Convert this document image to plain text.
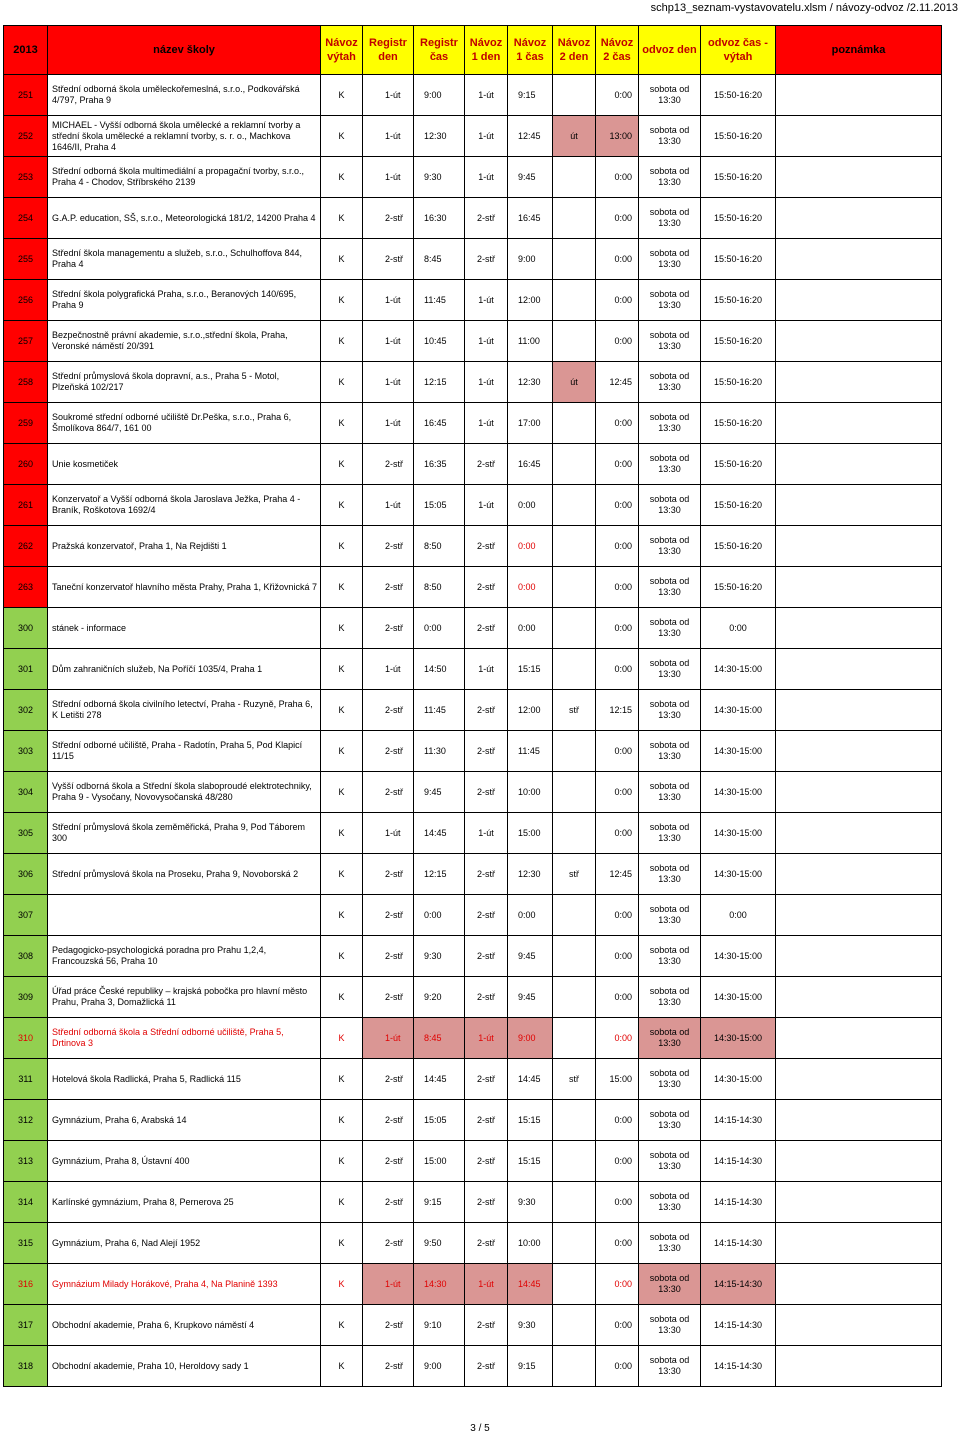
schp13_seznam-vystavovatelu.xlsm / návozy-odvoz /2.11.2013
2013	název školy	Návoz výtah	Registr den	Registr čas	Návoz 1 den	Návoz 1 čas	Návoz 2 den	Návoz 2 čas	odvoz den	odvoz čas - výtah	poznámka
251	Střední odborná škola uměleckořemeslná, s.r.o., Podkovářská 4/797, Praha 9	K	1-út	9:00	1-út	9:15		0:00	sobota od 13:30	15:50-16:20	
252	MICHAEL - Vyšší odborná škola umělecké a reklamní tvorby a střední škola umělecké a reklamní tvorby, s. r. o., Machkova 1646/II, Praha 4	K	1-út	12:30	1-út	12:45	út	13:00	sobota od 13:30	15:50-16:20	
253	Střední odborná škola multimediální a propagační tvorby, s.r.o., Praha 4 - Chodov, Stříbrského 2139	K	1-út	9:30	1-út	9:45		0:00	sobota od 13:30	15:50-16:20	
254	G.A.P. education, SŠ, s.r.o., Meteorologická 181/2, 14200 Praha 4	K	2-stř	16:30	2-stř	16:45		0:00	sobota od 13:30	15:50-16:20	
255	Střední škola managementu a služeb, s.r.o., Schulhoffova 844, Praha 4	K	2-stř	8:45	2-stř	9:00		0:00	sobota od 13:30	15:50-16:20	
256	Střední škola polygrafická Praha, s.r.o., Beranových 140/695, Praha 9	K	1-út	11:45	1-út	12:00		0:00	sobota od 13:30	15:50-16:20	
257	Bezpečnostně právní akademie, s.r.o.,střední škola, Praha, Veronské náměstí 20/391	K	1-út	10:45	1-út	11:00		0:00	sobota od 13:30	15:50-16:20	
258	Střední průmyslová škola dopravní, a.s., Praha 5 - Motol, Plzeňská 102/217	K	1-út	12:15	1-út	12:30	út	12:45	sobota od 13:30	15:50-16:20	
259	Soukromé střední odborné učiliště Dr.Peška, s.r.o., Praha 6, Šmolíkova 864/7, 161 00	K	1-út	16:45	1-út	17:00		0:00	sobota od 13:30	15:50-16:20	
260	Unie kosmetiček	K	2-stř	16:35	2-stř	16:45		0:00	sobota od 13:30	15:50-16:20	
261	Konzervatoř a Vyšší odborná škola Jaroslava Ježka, Praha 4 - Braník, Roškotova 1692/4	K	1-út	15:05	1-út	0:00		0:00	sobota od 13:30	15:50-16:20	
262	Pražská konzervatoř, Praha 1, Na Rejdišti 1	K	2-stř	8:50	2-stř	0:00		0:00	sobota od 13:30	15:50-16:20	
263	Taneční konzervatoř hlavního města Prahy, Praha 1, Křižovnická 7	K	2-stř	8:50	2-stř	0:00		0:00	sobota od 13:30	15:50-16:20	
300	stánek - informace	K	2-stř	0:00	2-stř	0:00		0:00	sobota od 13:30	0:00	
301	Dům zahraničních služeb, Na Poříčí 1035/4, Praha 1	K	1-út	14:50	1-út	15:15		0:00	sobota od 13:30	14:30-15:00	
302	Střední odborná škola civilního letectví, Praha - Ruzyně, Praha 6, K Letišti 278	K	2-stř	11:45	2-stř	12:00	stř	12:15	sobota od 13:30	14:30-15:00	
303	Střední odborné učiliště, Praha - Radotín, Praha 5, Pod Klapicí 11/15	K	2-stř	11:30	2-stř	11:45		0:00	sobota od 13:30	14:30-15:00	
304	Vyšší odborná škola a Střední škola slaboproudé elektrotechniky, Praha 9 - Vysočany, Novovysočanská 48/280	K	2-stř	9:45	2-stř	10:00		0:00	sobota od 13:30	14:30-15:00	
305	Střední průmyslová škola zeměměřická, Praha 9, Pod Táborem 300	K	1-út	14:45	1-út	15:00		0:00	sobota od 13:30	14:30-15:00	
306	Střední průmyslová škola na Proseku, Praha 9, Novoborská 2	K	2-stř	12:15	2-stř	12:30	stř	12:45	sobota od 13:30	14:30-15:00	
307		K	2-stř	0:00	2-stř	0:00		0:00	sobota od 13:30	0:00	
308	Pedagogicko-psychologická poradna pro Prahu 1,2,4, Francouzská 56, Praha 10	K	2-stř	9:30	2-stř	9:45		0:00	sobota od 13:30	14:30-15:00	
309	Úřad práce České republiky – krajská pobočka pro hlavní město Prahu, Praha 3, Domažlická 11	K	2-stř	9:20	2-stř	9:45		0:00	sobota od 13:30	14:30-15:00	
310	Střední odborná škola a Střední odborné učiliště, Praha 5, Drtinova 3	K	1-út	8:45	1-út	9:00		0:00	sobota od 13:30	14:30-15:00	
311	Hotelová škola Radlická, Praha 5, Radlická 115	K	2-stř	14:45	2-stř	14:45	stř	15:00	sobota od 13:30	14:30-15:00	
312	Gymnázium, Praha 6, Arabská 14	K	2-stř	15:05	2-stř	15:15		0:00	sobota od 13:30	14:15-14:30	
313	Gymnázium, Praha 8, Ústavní 400	K	2-stř	15:00	2-stř	15:15		0:00	sobota od 13:30	14:15-14:30	
314	Karlínské gymnázium, Praha 8, Pernerova 25	K	2-stř	9:15	2-stř	9:30		0:00	sobota od 13:30	14:15-14:30	
315	Gymnázium, Praha 6, Nad Alejí 1952	K	2-stř	9:50	2-stř	10:00		0:00	sobota od 13:30	14:15-14:30	
316	Gymnázium Milady Horákové, Praha 4, Na Planině 1393	K	1-út	14:30	1-út	14:45		0:00	sobota od 13:30	14:15-14:30	
317	Obchodní akademie, Praha 6, Krupkovo náměstí 4	K	2-stř	9:10	2-stř	9:30		0:00	sobota od 13:30	14:15-14:30	
318	Obchodní akademie, Praha 10, Heroldovy sady 1	K	2-stř	9:00	2-stř	9:15		0:00	sobota od 13:30	14:15-14:30	
3 / 5
